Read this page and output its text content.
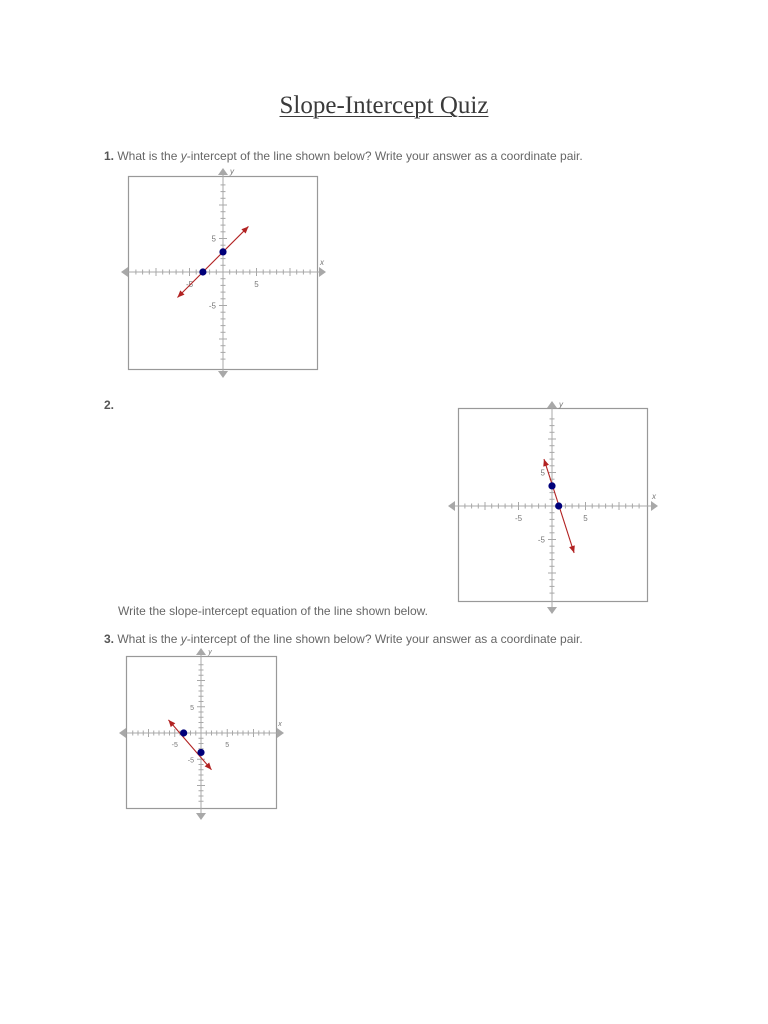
Slope-Intercept Quiz
1. What is the y-intercept of the line shown below? Write your answer as a coordinate pair.
-5	5
5
-5
x
y
2.
-5	5
5
-5
x
y
Write the slope-intercept equation of the line shown below.
3. What is the y-intercept of the line shown below? Write your answer as a coordinate pair.
-5	5
5
-5
x
y
